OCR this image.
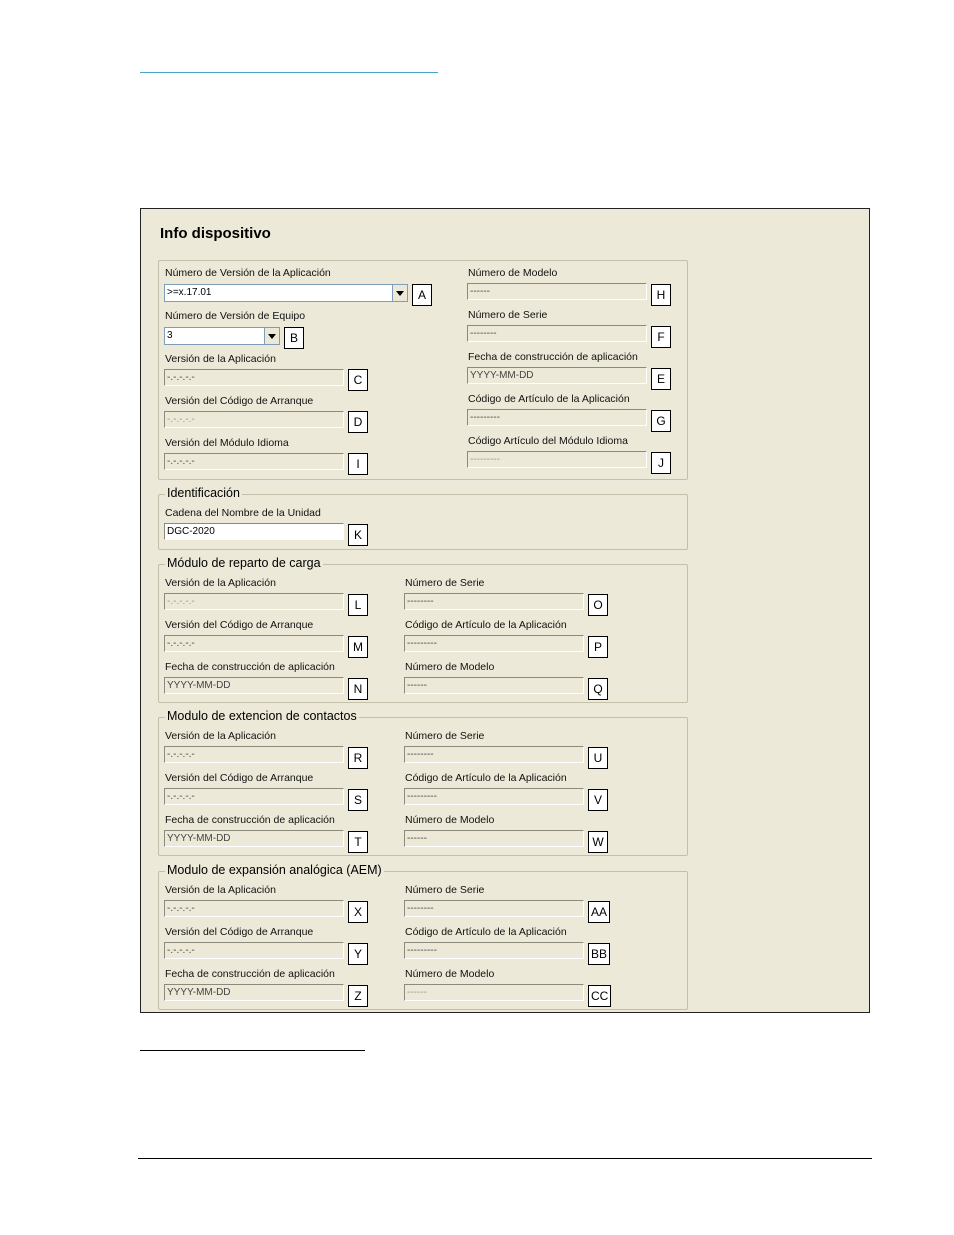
Info dispositivo
Número de Versión de la Aplicación
>=x.17.01	A
Número de Versión de Equipo
3	B
Versión de la Aplicación
-.-.-.-.-	C
Versión del Código de Arranque
-.-.-.-.-	D
Versión del Módulo Idioma
-.-.-.-.-	I
Número de Modelo
------	H
Número de Serie
--------	F
Fecha de construcción de aplicación
YYYY-MM-DD	E
Código de Artículo de la Aplicación
---------	G
Código Artículo del Módulo Idioma
---------	J
Identificación
Cadena del Nombre de la Unidad
DGC-2020	K
Módulo de reparto de carga
Versión de la Aplicación
-.-.-.-.-	L
Versión del Código de Arranque
-.-.-.-.-	M
Fecha de construcción de aplicación
YYYY-MM-DD	N
Número de Serie
--------	O
Código de Artículo de la Aplicación
---------	P
Número de Modelo
------	Q
Modulo de extencion de contactos
Versión de la Aplicación
-.-.-.-.-	R
Versión del Código de Arranque
-.-.-.-.-	S
Fecha de construcción de aplicación
YYYY-MM-DD	T
Número de Serie
--------	U
Código de Artículo de la Aplicación
---------	V
Número de Modelo
------	W
Modulo de expansión analógica (AEM)
Versión de la Aplicación
-.-.-.-.-	X
Versión del Código de Arranque
-.-.-.-.-	Y
Fecha de construcción de aplicación
YYYY-MM-DD	Z
Número de Serie
--------	AA
Código de Artículo de la Aplicación
---------	BB
Número de Modelo
------	CC
